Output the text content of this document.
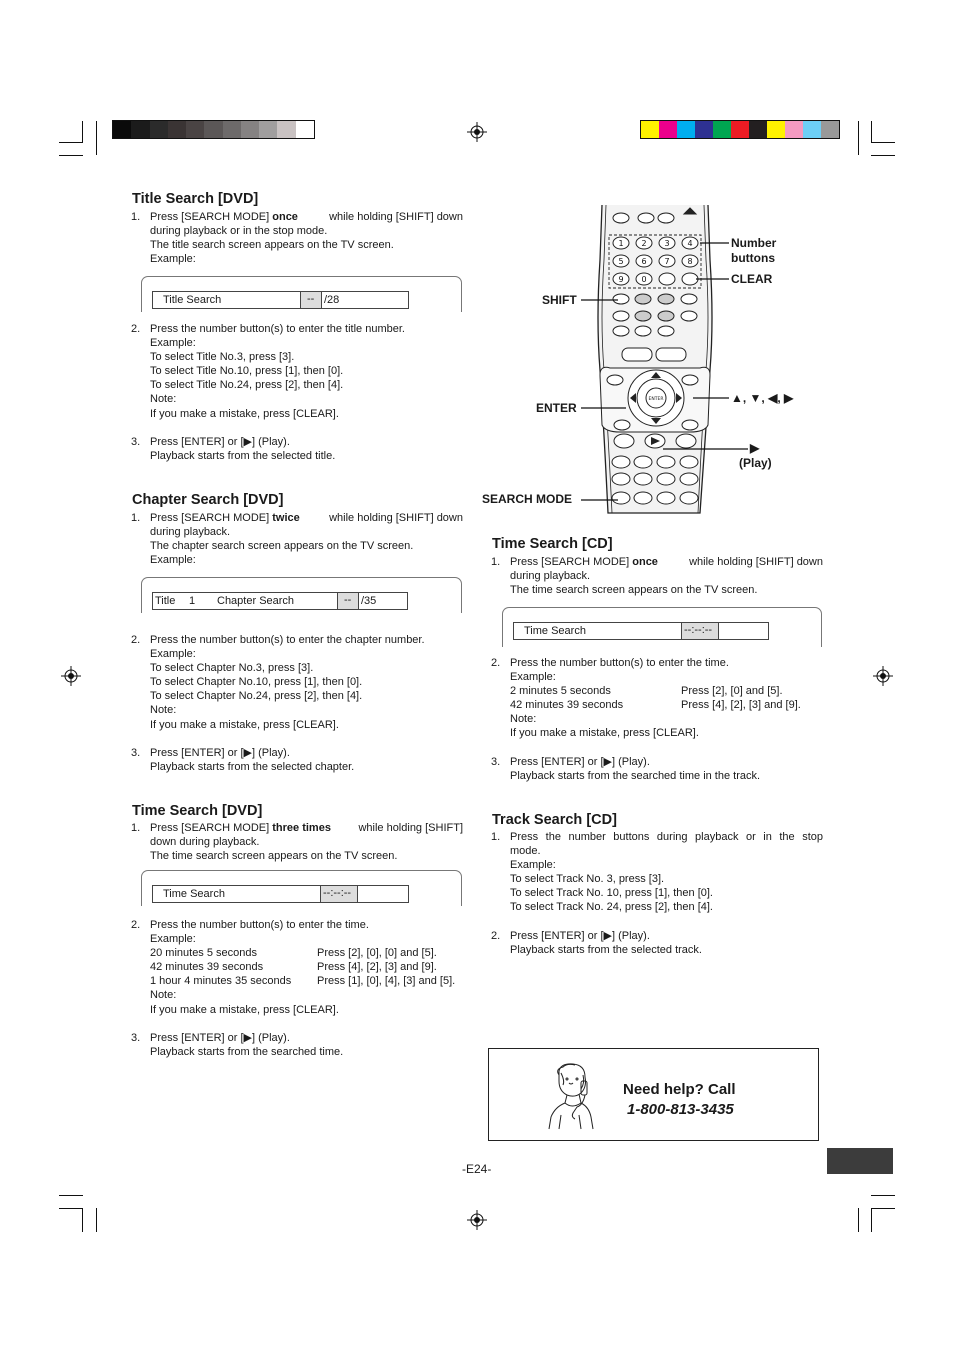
Title Search [DVD]
1. Press [SEARCH MODE] once	while holding [SHIFT] down
during playback or in the stop mode.
The title search screen appears on the TV screen.
Example:
Title Search	-- /28
2. Press the number button(s) to enter the title number.
Example:
To select Title No.3, press [3].
To select Title No.10, press [1], then [0].
To select Title No.24, press [2], then [4].
Note:
If you make a mistake, press [CLEAR].
3. Press [ENTER] or [▶] (Play).
Playback starts from the selected title.
Chapter Search [DVD]
1. Press [SEARCH MODE] twice	while holding [SHIFT] down
during playback.
The chapter search screen appears on the TV screen.
Example:
Title 1 Chapter Search	-- /35
2. Press the number button(s) to enter the chapter number.
Example:
To select Chapter No.3, press [3].
To select Chapter No.10, press [1], then [0].
To select Chapter No.24, press [2], then [4].
Note:
If you make a mistake, press [CLEAR].
3. Press [ENTER] or [▶] (Play).
Playback starts from the selected chapter.
Time Search [DVD]
1. Press [SEARCH MODE] three times	while holding [SHIFT]
down during playback.
The time search screen appears on the TV screen.
Time Search	--:--:--
2. Press the number button(s) to enter the time.
Example:
20 minutes 5 seconds	Press [2], [0], [0] and [5].

42 minutes 39 seconds	Press [4], [2], [3] and [9].

1 hour 4 minutes 35 seconds Press [1], [0], [4], [3] and [5].

Note:
If you make a mistake, press [CLEAR].
3. Press [ENTER] or [▶] (Play).
Playback starts from the searched time.
1 2 3 4
5 6 7 8
9 0
ENTER
Number
buttons
CLEAR
SHIFT
▲, ▼, ◀, ▶
ENTER
▶
(Play)
SEARCH MODE
Time Search [CD]
1. Press [SEARCH MODE] once	while holding [SHIFT] down
during playback.
The time search screen appears on the TV screen.
Time Search	--:--:--
2. Press the number button(s) to enter the time.
Example:
2 minutes 5 seconds	Press [2], [0] and [5].

42 minutes 39 seconds	Press [4], [2], [3] and [9].

Note:
If you make a mistake, press [CLEAR].
3. Press [ENTER] or [▶] (Play).
Playback starts from the searched time in the track.
Track Search [CD]
1. Press the number buttons during playback or in the stop
mode.
Example:
To select Track No. 3, press [3].
To select Track No. 10, press [1], then [0].
To select Track No. 24, press [2], then [4].
2. Press [ENTER] or [▶] (Play).
Playback starts from the selected track.
Need help? Call
1-800-813-3435
-E24-
